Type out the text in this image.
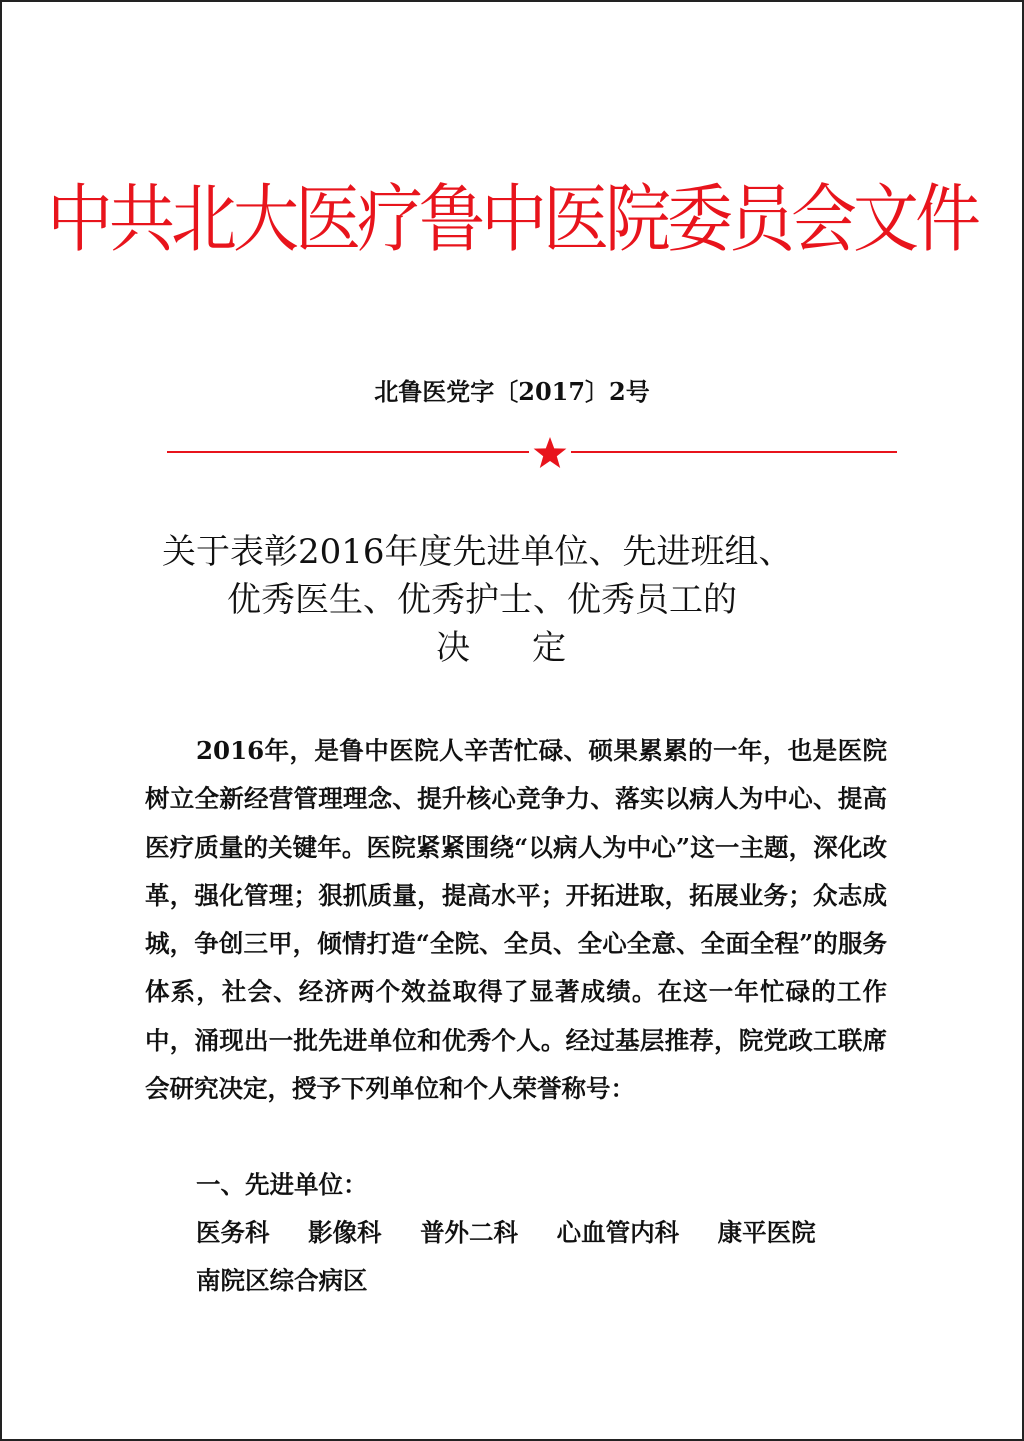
中共北大医疗鲁中医院委员会文件
北鲁医党字〔2017〕2号
关于表彰2016年度先进单位、先进班组、
优秀医生、优秀护士、优秀员工的
决定

2016年，是鲁中医院人辛苦忙碌、硕果累累的一年，也是医院树立全新经营管理理念、提升核心竞争力、落实以病人为中心、提高医疗质量的关键年。医院紧紧围绕“以病人为中心”这一主题，深化改革，强化管理；狠抓质量，提高水平；开拓进取，拓展业务；众志成城，争创三甲，倾情打造“全院、全员、全心全意、全面全程”的服务体系，社会、经济两个效益取得了显著成绩。在这一年忙碌的工作中，涌现出一批先进单位和优秀个人。经过基层推荐，院党政工联席会研究决定，授予下列单位和个人荣誉称号：

一、先进单位：
医务科 影像科 普外二科 心血管内科 康平医院
南院区综合病区
